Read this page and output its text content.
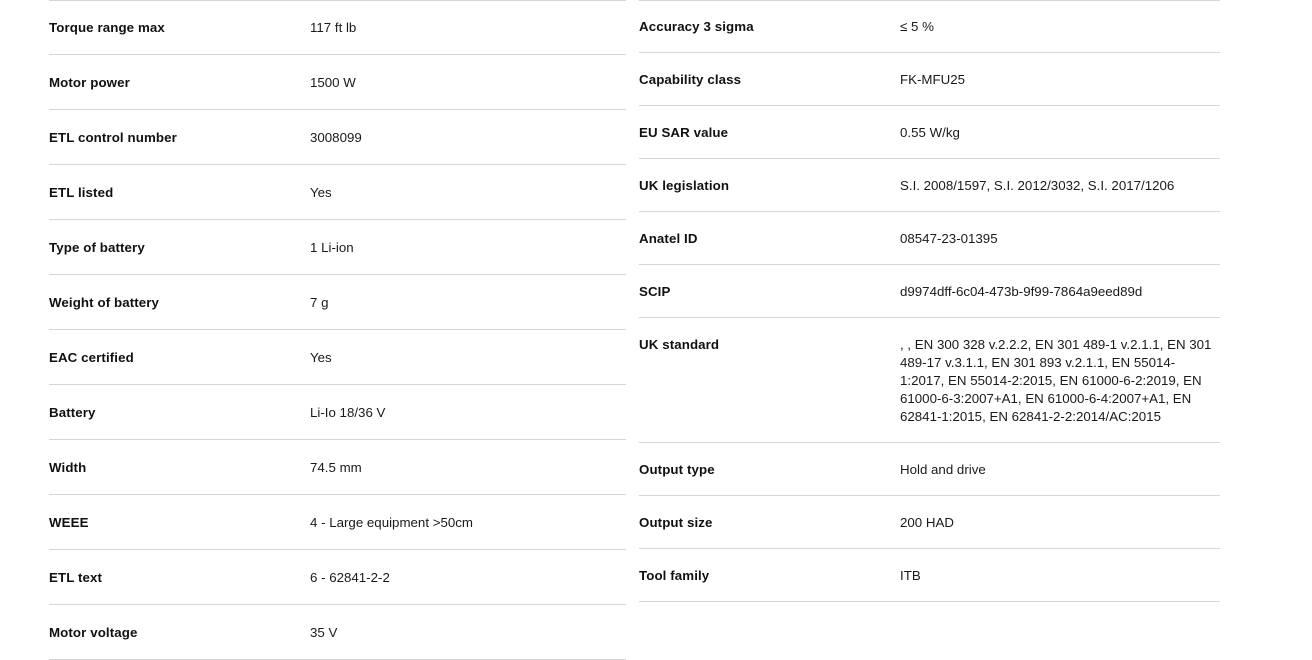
Torque range max	117 ft lb
Motor power	1500 W
ETL control number	3008099
ETL listed	Yes
Type of battery	1 Li-ion
Weight of battery	7 g
EAC certified	Yes
Battery	Li-Io 18/36 V
Width	74.5 mm
WEEE	4 - Large equipment >50cm
ETL text	6 - 62841-2-2
Motor voltage	35 V
Accuracy 3 sigma	≤ 5 %
Capability class	FK-MFU25
EU SAR value	0.55 W/kg
UK legislation	S.I. 2008/1597, S.I. 2012/3032, S.I. 2017/1206
Anatel ID	08547-23-01395
SCIP	d9974dff-6c04-473b-9f99-7864a9eed89d
UK standard	, , EN 300 328 v.2.2.2, EN 301 489-1 v.2.1.1, EN 301 489-17 v.3.1.1, EN 301 893 v.2.1.1, EN 55014-1:2017, EN 55014-2:2015, EN 61000-6-2:2019, EN 61000-6-3:2007+A1, EN 61000-6-4:2007+A1, EN 62841-1:2015, EN 62841-2-2:2014/AC:2015

Output type	Hold and drive
Output size	200 HAD
Tool family	ITB
